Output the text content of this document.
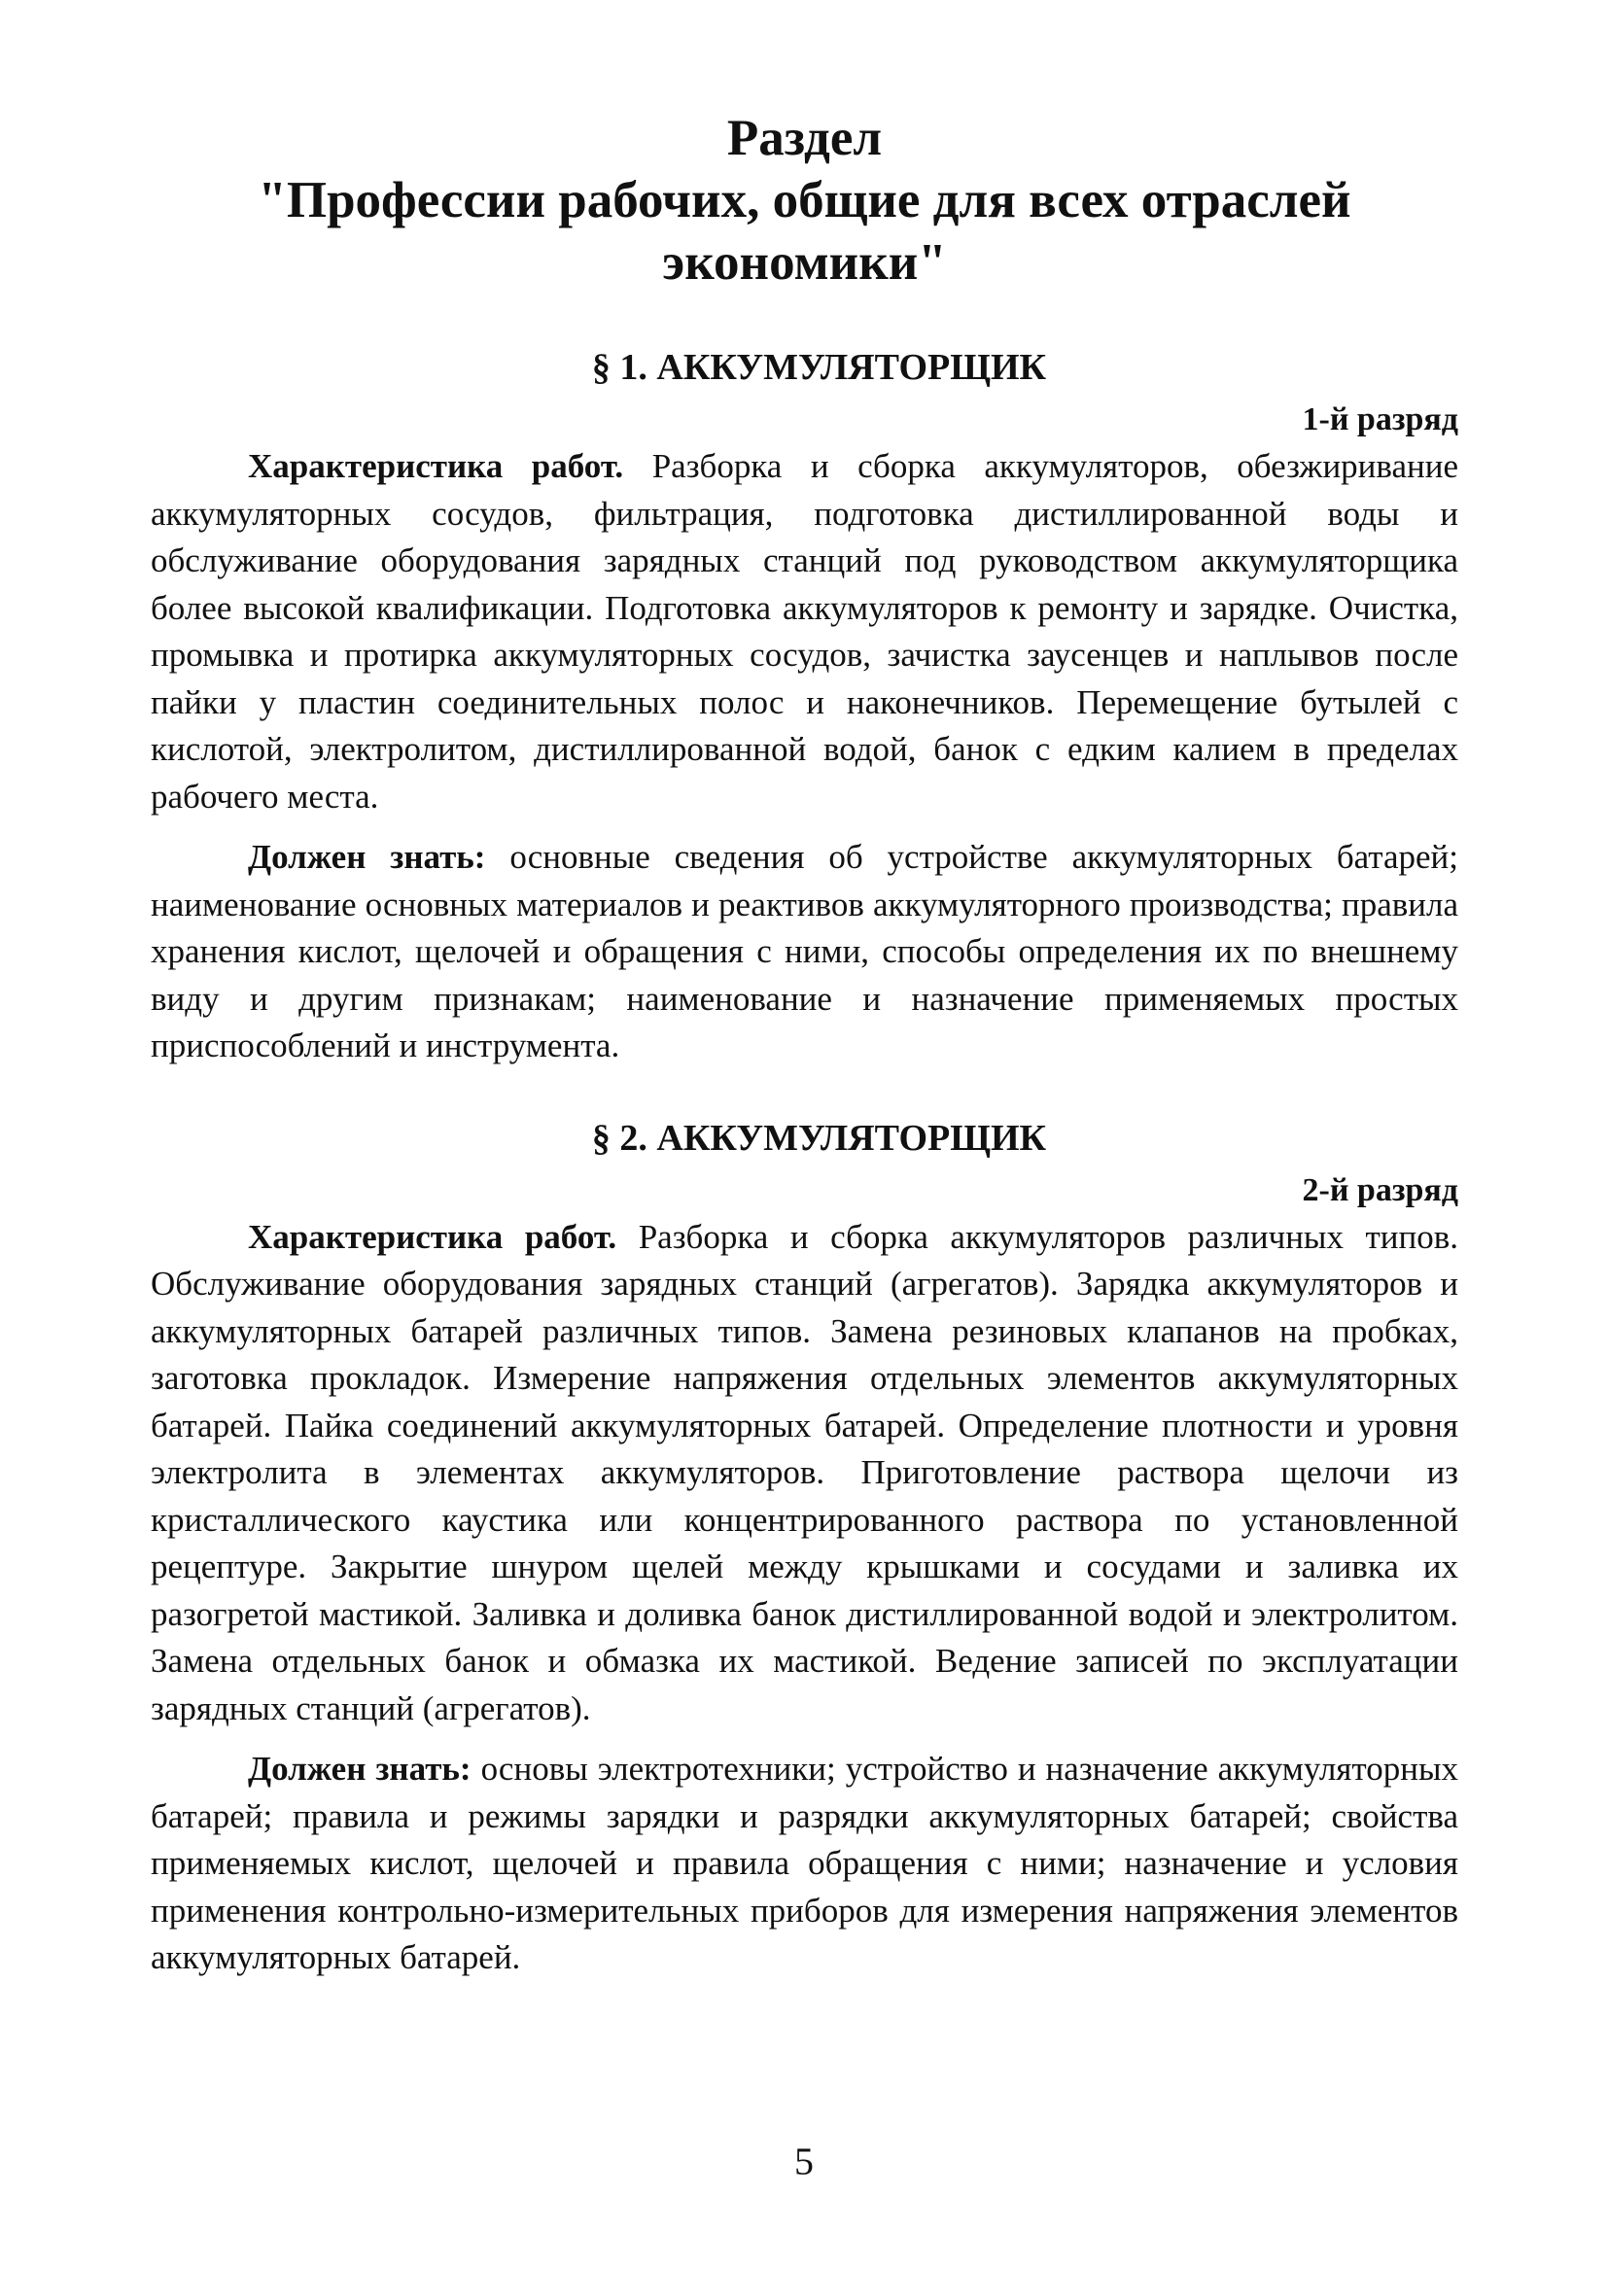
Раздел
"Профессии рабочих, общие для всех отраслей
экономики"
§ 1. АККУМУЛЯТОРЩИК
1-й разряд

Характеристика работ. Разборка и сборка аккумуляторов, обезжиривание аккумуляторных сосудов, фильтрация, подготовка дистиллированной воды и обслуживание оборудования зарядных станций под руководством аккумуляторщика более высокой квалификации. Подготовка аккумуляторов к ремонту и зарядке. Очистка, промывка и протирка аккумуляторных сосудов, зачистка заусенцев и наплывов после пайки у пластин соединительных полос и наконечников. Перемещение бутылей с кислотой, электролитом, дистиллированной водой, банок с едким калием в пределах рабочего места.

Должен знать: основные сведения об устройстве аккумуляторных батарей; наименование основных материалов и реактивов аккумуляторного производства; правила хранения кислот, щелочей и обращения с ними, способы определения их по внешнему виду и другим признакам; наименование и назначение применяемых простых приспособлений и инструмента.

§ 2. АККУМУЛЯТОРЩИК
2-й разряд

Характеристика работ. Разборка и сборка аккумуляторов различных типов. Обслуживание оборудования зарядных станций (агрегатов). Зарядка аккумуляторов и аккумуляторных батарей различных типов. Замена резиновых клапанов на пробках, заготовка прокладок. Измерение напряжения отдельных элементов аккумуляторных батарей. Пайка соединений аккумуляторных батарей. Определение плотности и уровня электролита в элементах аккумуляторов. Приготовление раствора щелочи из кристаллического каустика или концентрированного раствора по установленной рецептуре. Закрытие шнуром щелей между крышками и сосудами и заливка их разогретой мастикой. Заливка и доливка банок дистиллированной водой и электролитом. Замена отдельных банок и обмазка их мастикой. Ведение записей по эксплуатации зарядных станций (агрегатов).

Должен знать: основы электротехники; устройство и назначение аккумуляторных батарей; правила и режимы зарядки и разрядки аккумуляторных батарей; свойства применяемых кислот, щелочей и правила обращения с ними; назначение и условия применения контрольно-измерительных приборов для измерения напряжения элементов аккумуляторных батарей.

5
